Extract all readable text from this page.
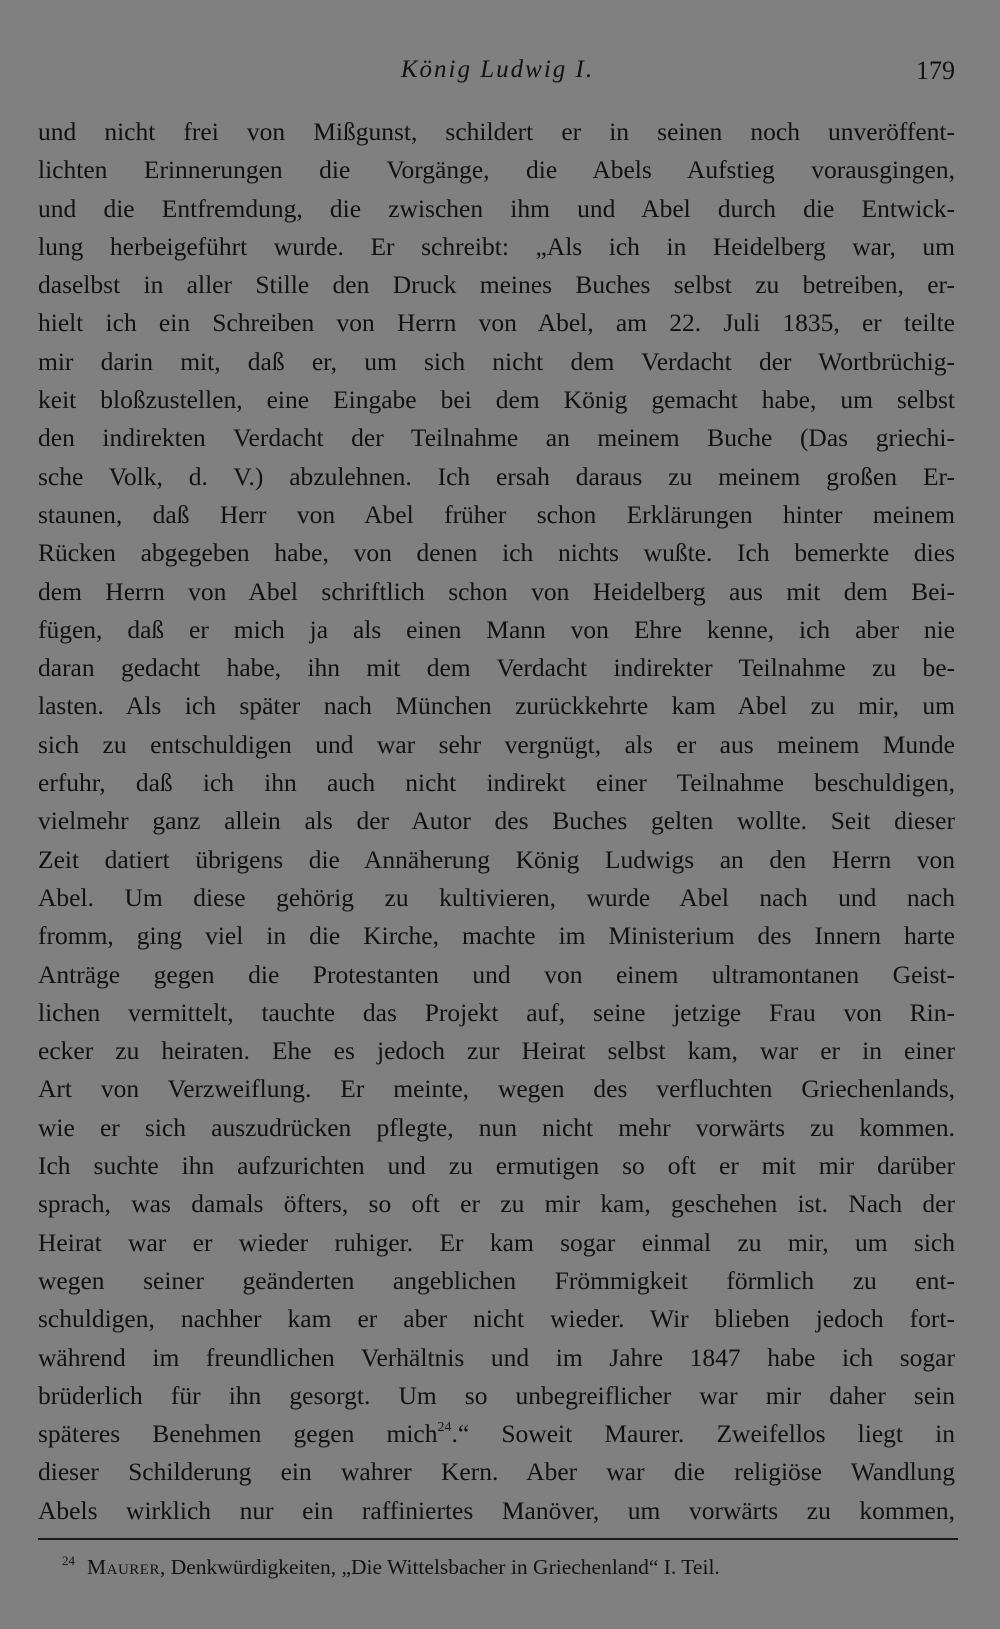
König Ludwig I.	179
und nicht frei von Mißgunst, schildert er in seinen noch unveröffent-
lichten Erinnerungen die Vorgänge, die Abels Aufstieg vorausgingen,
und die Entfremdung, die zwischen ihm und Abel durch die Entwick-
lung herbeigeführt wurde. Er schreibt: „Als ich in Heidelberg war, um
daselbst in aller Stille den Druck meines Buches selbst zu betreiben, er-
hielt ich ein Schreiben von Herrn von Abel, am 22. Juli 1835, er teilte
mir darin mit, daß er, um sich nicht dem Verdacht der Wortbrüchig-
keit bloßzustellen, eine Eingabe bei dem König gemacht habe, um selbst
den indirekten Verdacht der Teilnahme an meinem Buche (Das griechi-
sche Volk, d. V.) abzulehnen. Ich ersah daraus zu meinem großen Er-
staunen, daß Herr von Abel früher schon Erklärungen hinter meinem
Rücken abgegeben habe, von denen ich nichts wußte. Ich bemerkte dies
dem Herrn von Abel schriftlich schon von Heidelberg aus mit dem Bei-
fügen, daß er mich ja als einen Mann von Ehre kenne, ich aber nie
daran gedacht habe, ihn mit dem Verdacht indirekter Teilnahme zu be-
lasten. Als ich später nach München zurückkehrte kam Abel zu mir, um
sich zu entschuldigen und war sehr vergnügt, als er aus meinem Munde
erfuhr, daß ich ihn auch nicht indirekt einer Teilnahme beschuldigen,
vielmehr ganz allein als der Autor des Buches gelten wollte. Seit dieser
Zeit datiert übrigens die Annäherung König Ludwigs an den Herrn von
Abel. Um diese gehörig zu kultivieren, wurde Abel nach und nach
fromm, ging viel in die Kirche, machte im Ministerium des Innern harte
Anträge gegen die Protestanten und von einem ultramontanen Geist-
lichen vermittelt, tauchte das Projekt auf, seine jetzige Frau von Rin-
ecker zu heiraten. Ehe es jedoch zur Heirat selbst kam, war er in einer
Art von Verzweiflung. Er meinte, wegen des verfluchten Griechenlands,
wie er sich auszudrücken pflegte, nun nicht mehr vorwärts zu kommen.
Ich suchte ihn aufzurichten und zu ermutigen so oft er mit mir darüber
sprach, was damals öfters, so oft er zu mir kam, geschehen ist. Nach der
Heirat war er wieder ruhiger. Er kam sogar einmal zu mir, um sich
wegen seiner geänderten angeblichen Frömmigkeit förmlich zu ent-
schuldigen, nachher kam er aber nicht wieder. Wir blieben jedoch fort-
während im freundlichen Verhältnis und im Jahre 1847 habe ich sogar
brüderlich für ihn gesorgt. Um so unbegreiflicher war mir daher sein
späteres Benehmen gegen mich$^{24}$.“ Soweit Maurer. Zweifellos liegt in
dieser Schilderung ein wahrer Kern. Aber war die religiöse Wandlung
Abels wirklich nur ein raffiniertes Manöver, um vorwärts zu kommen,
$^{24}$ Maurer, Denkwürdigkeiten, „Die Wittelsbacher in Griechenland“ I. Teil.
